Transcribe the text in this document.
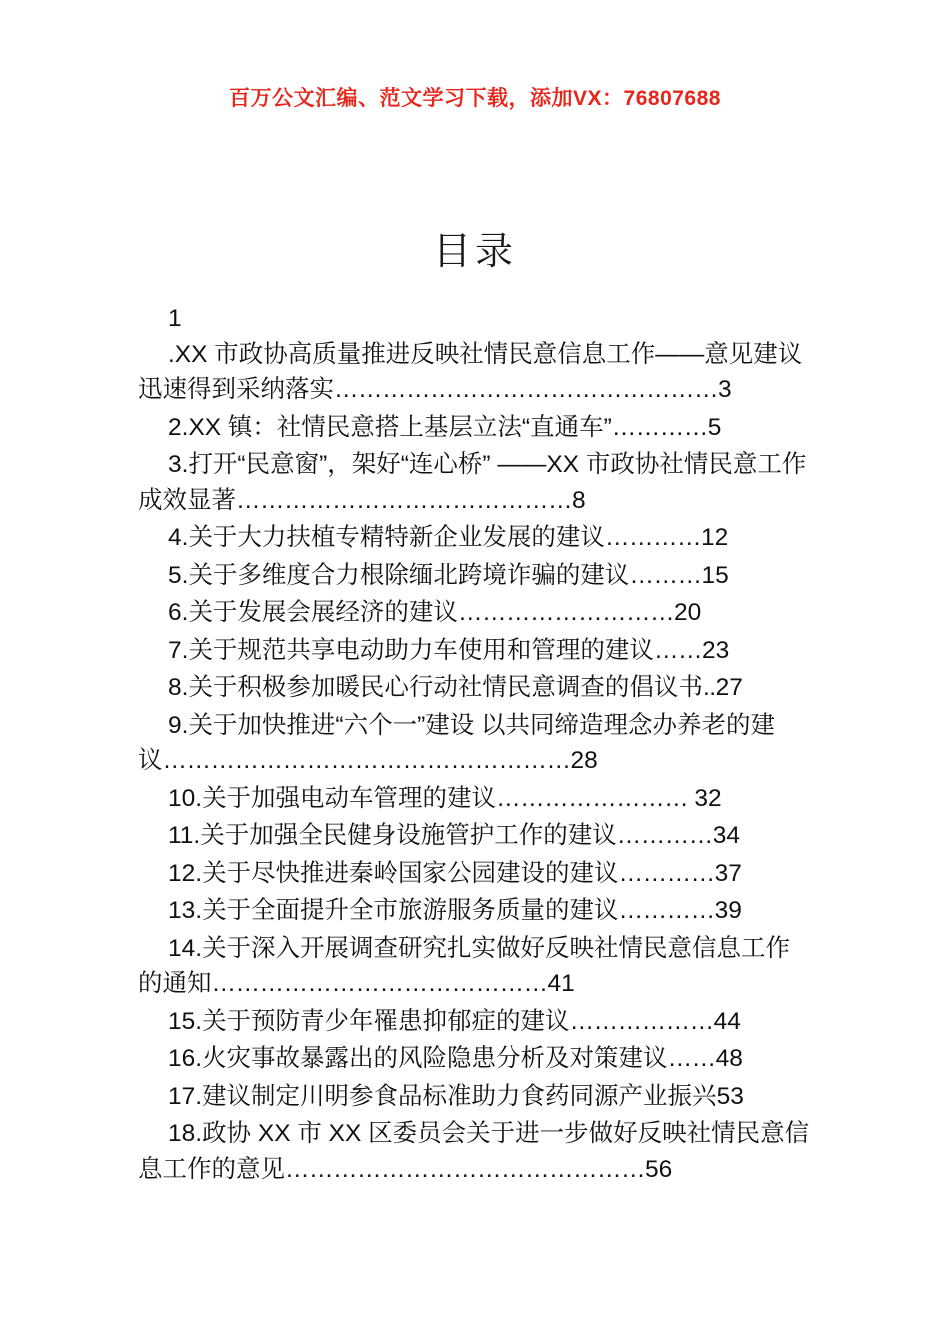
百万公文汇编、范文学习下载，添加VX：76807688
目录
1
.XX 市政协高质量推进反映社情民意信息工作——意见建议迅速得到采纳落实…………………………………………3
2.XX 镇：社情民意搭上基层立法“直通车”…………5
3.打开“民意窗”，架好“连心桥” ——XX 市政协社情民意工作成效显著……………………………………8
4.关于大力扶植专精特新企业发展的建议…………12
5.关于多维度合力根除缅北跨境诈骗的建议………15
6.关于发展会展经济的建议………………………20
7.关于规范共享电动助力车使用和管理的建议……23
8.关于积极参加暖民心行动社情民意调查的倡议书..27
9.关于加快推进“六个一”建设 以共同缔造理念办养老的建议……………………………………………28
10.关于加强电动车管理的建议…………………… 32
11.关于加强全民健身设施管护工作的建议…………34
12.关于尽快推进秦岭国家公园建设的建议…………37
13.关于全面提升全市旅游服务质量的建议…………39
14.关于深入开展调查研究扎实做好反映社情民意信息工作的通知……………………………………41
15.关于预防青少年罹患抑郁症的建议………………44
16.火灾事故暴露出的风险隐患分析及对策建议……48
17.建议制定川明参食品标准助力食药同源产业振兴53
18.政协 XX 市 XX 区委员会关于进一步做好反映社情民意信息工作的意见………………………………………56
